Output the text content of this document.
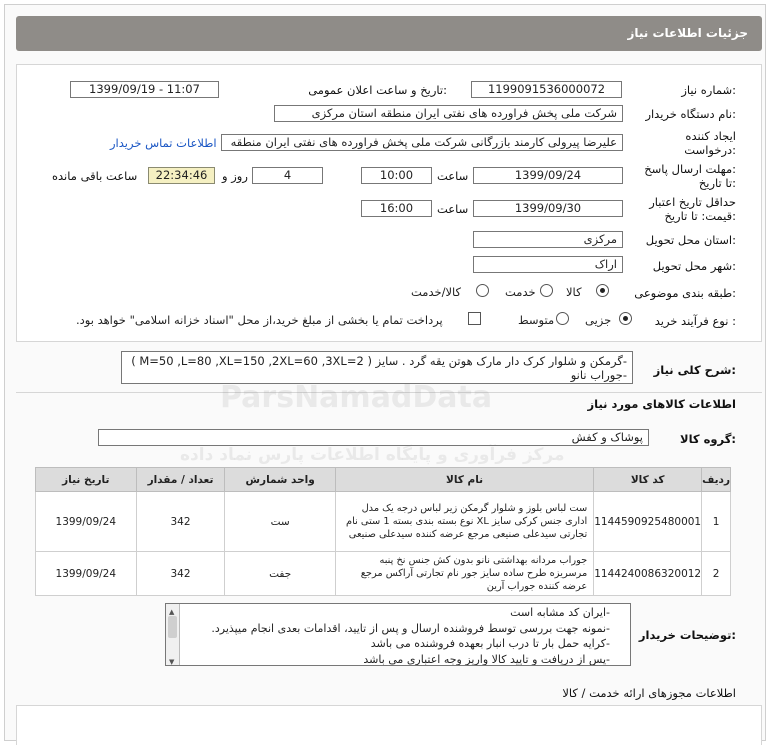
جزئیات اطلاعات نیاز
شماره نیاز:
1199091536000072
تاریخ و ساعت اعلان عمومی:
1399/09/19 - 11:07
نام دستگاه خریدار:
شرکت ملی پخش فراورده های نفتی ایران منطقه استان مرکزی
ایجاد کننده
درخواست:
علیرضا پیرولی کارمند بازرگانی شرکت ملی پخش فراورده های نفتی ایران منطقه
اطلاعات تماس خریدار
مهلت ارسال پاسخ:
تا تاریخ:
1399/09/24
ساعت
10:00
4
روز و
22:34:46
ساعت باقی مانده
حداقل تاریخ اعتبار
قیمت: تا تاریخ:
1399/09/30
ساعت
16:00
استان محل تحویل:
مرکزی
شهر محل تحویل:
اراک
طبقه بندی موضوعی:
کالا
خدمت
کالا/خدمت
نوع فرآیند خرید :
جزیی
متوسط
پرداخت تمام یا بخشی از مبلغ خرید،از محل "اسناد خزانه اسلامی" خواهد بود.
شرح کلی نیاز:
-گرمکن و شلوار کرک دار مارک هوتن یقه گرد . سایز ( M=50 ,L=80 ,XL=150 ,2XL=60 ,3XL=2 )
-جوراب نانو
اطلاعات کالاهای مورد نیاز
گروه کالا:
پوشاک و کفش
ردیف	کد کالا	نام کالا	واحد شمارش	تعداد / مقدار	تاریخ نیاز
1	1144590925480001	ست لباس بلوز و شلوار گرمکن زیر لباس درجه یک مدل اداری جنس کرکی سایز XL نوع بسته بندی بسته 1 ستی نام تجارتی سیدعلی صنیعی مرجع عرضه کننده سیدعلی صنیعی	ست	342	1399/09/24
2	1144240086320012	جوراب مردانه بهداشتی نانو بدون کش جنس نخ پنبه مرسریزه طرح ساده سایز جور نام تجارتی آراکس مرجع عرضه کننده جوراب آرین	جفت	342	1399/09/24
توضیحات خریدار:
-ایران کد مشابه است
-نمونه جهت بررسی توسط فروشنده ارسال و پس از تایید، اقدامات بعدی انجام میپذیرد.
-کرایه حمل بار تا درب انبار بعهده فروشنده می باشد
-پس از دریافت و تایید کالا واریز وجه اعتباری می باشد
▲
▼
اطلاعات مجوزهای ارائه خدمت / کالا
